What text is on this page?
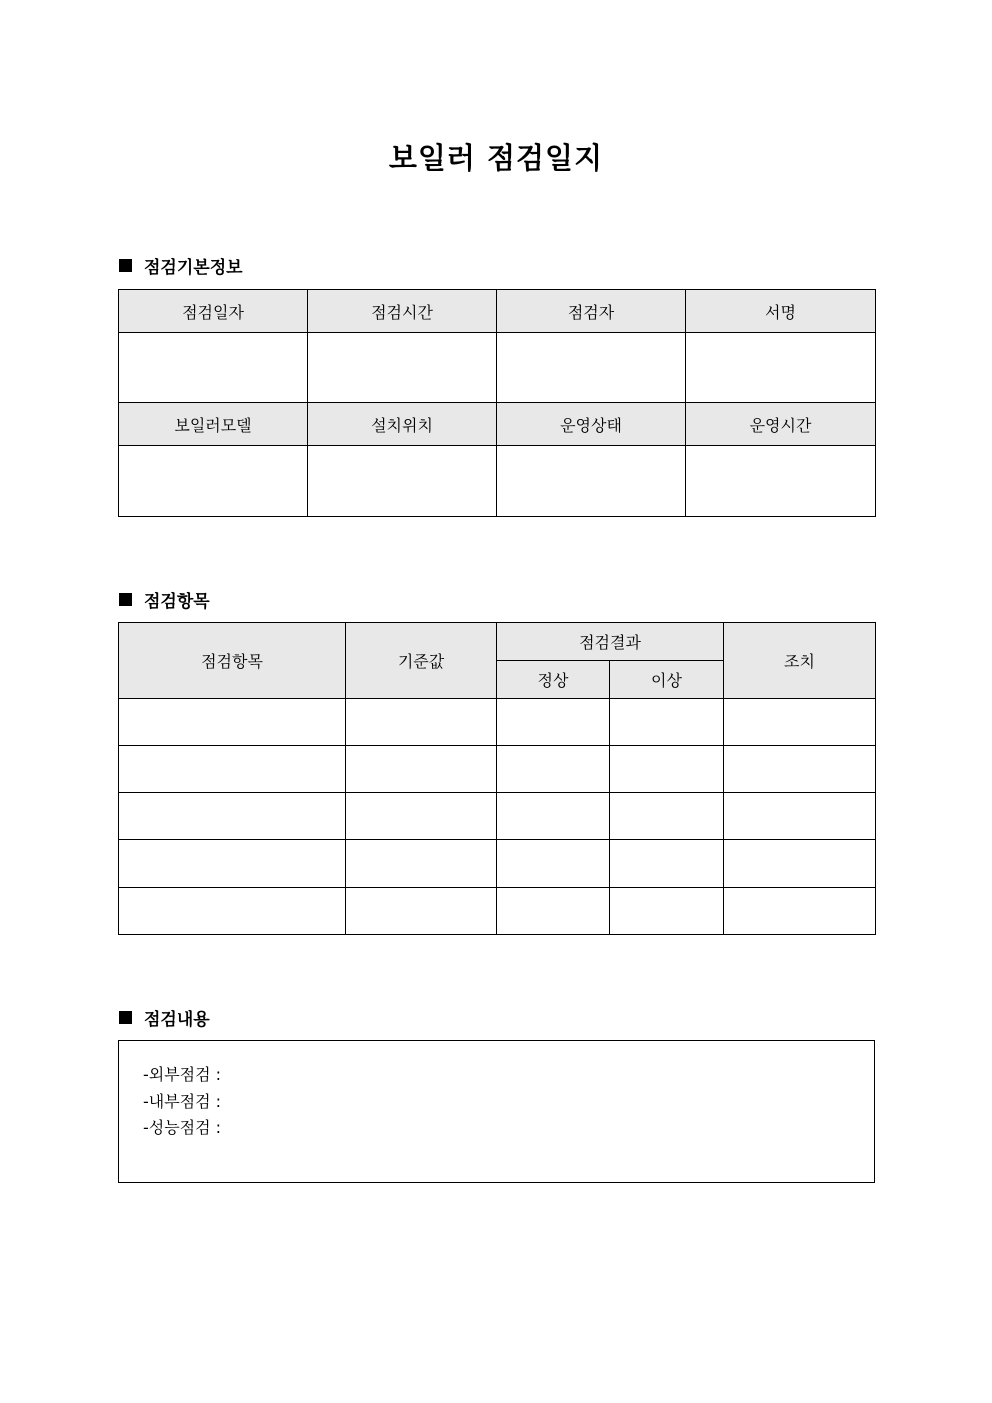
보일러 점검일지
점검기본정보
점검일자	점검시간	점검자	서명

보일러모델	설치위치	운영상태	운영시간

점검항목
점검항목	기준값	점검결과		조치
		정상	이상	

점검내용
-외부점검 :
-내부점검 :
-성능점검 :
